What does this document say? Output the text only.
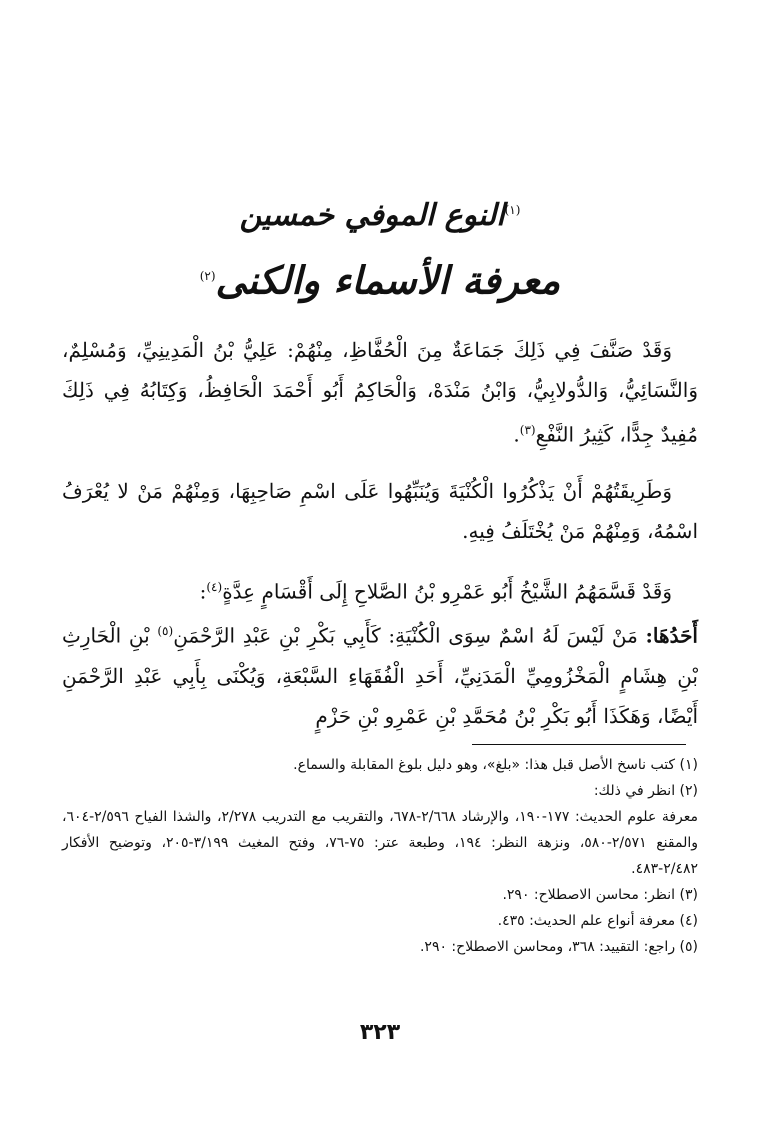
$^{(١)}$النوع الموفي خمسين
معرفة الأسماء والكنى$^{(٢)}$

وَقَدْ صَنَّفَ فِي ذَلِكَ جَمَاعَةٌ مِنَ الْحُفَّاظِ، مِنْهُمْ: عَلِيُّ بْنُ الْمَدِينِيِّ، وَمُسْلِمٌ، وَالنَّسَائِيُّ، وَالدُّولابِيُّ، وَابْنُ مَنْدَهْ، وَالْحَاكِمُ أَبُو أَحْمَدَ الْحَافِظُ، وَكِتَابُهُ فِي ذَلِكَ مُفِيدٌ جِدًّا، كَثِيرُ النَّفْعِ$^{(٣)}$.

وَطَرِيقَتُهُمْ أَنْ يَذْكُرُوا الْكُنْيَةَ وَيُنَبِّهُوا عَلَى اسْمِ صَاحِبِهَا، وَمِنْهُمْ مَنْ لا يُعْرَفُ اسْمُهُ، وَمِنْهُمْ مَنْ يُخْتَلَفُ فِيهِ.

وَقَدْ قَسَّمَهُمُ الشَّيْخُ أَبُو عَمْرِو بْنُ الصَّلاحِ إِلَى أَقْسَامٍ عِدَّةٍ$^{(٤)}$:

أَحَدُهَا: مَنْ لَيْسَ لَهُ اسْمٌ سِوَى الْكُنْيَةِ: كَأَبِي بَكْرِ بْنِ عَبْدِ الرَّحْمَنِ$^{(٥)}$ بْنِ الْحَارِثِ بْنِ هِشَامٍ الْمَخْزُومِيِّ الْمَدَنِيِّ، أَحَدِ الْفُقَهَاءِ السَّبْعَةِ، وَيُكْنَى بِأَبِي عَبْدِ الرَّحْمَنِ أَيْضًا، وَهَكَذَا أَبُو بَكْرِ بْنُ مُحَمَّدِ بْنِ عَمْرِو بْنِ حَزْمٍ

(١) كتب ناسخ الأصل قبل هذا: «بلغ»، وهو دليل بلوغ المقابلة والسماع.

(٢) انظر في ذلك:

معرفة علوم الحديث: ١٧٧-١٩٠، والإرشاد ٢/٦٦٨-٦٧٨، والتقريب مع التدريب ٢/٢٧٨، والشذا الفياح ٢/٥٩٦-٦٠٤، والمقنع ٢/٥٧١-٥٨٠، ونزهة النظر: ١٩٤، وطبعة عتر: ٧٥-٧٦، وفتح المغيث ٣/١٩٩-٢٠٥، وتوضيح الأفكار ٢/٤٨٢-٤٨٣.

(٣) انظر: محاسن الاصطلاح: ٢٩٠.

(٤) معرفة أنواع علم الحديث: ٤٣٥.

(٥) راجع: التقييد: ٣٦٨، ومحاسن الاصطلاح: ٢٩٠.

٣٢٣
